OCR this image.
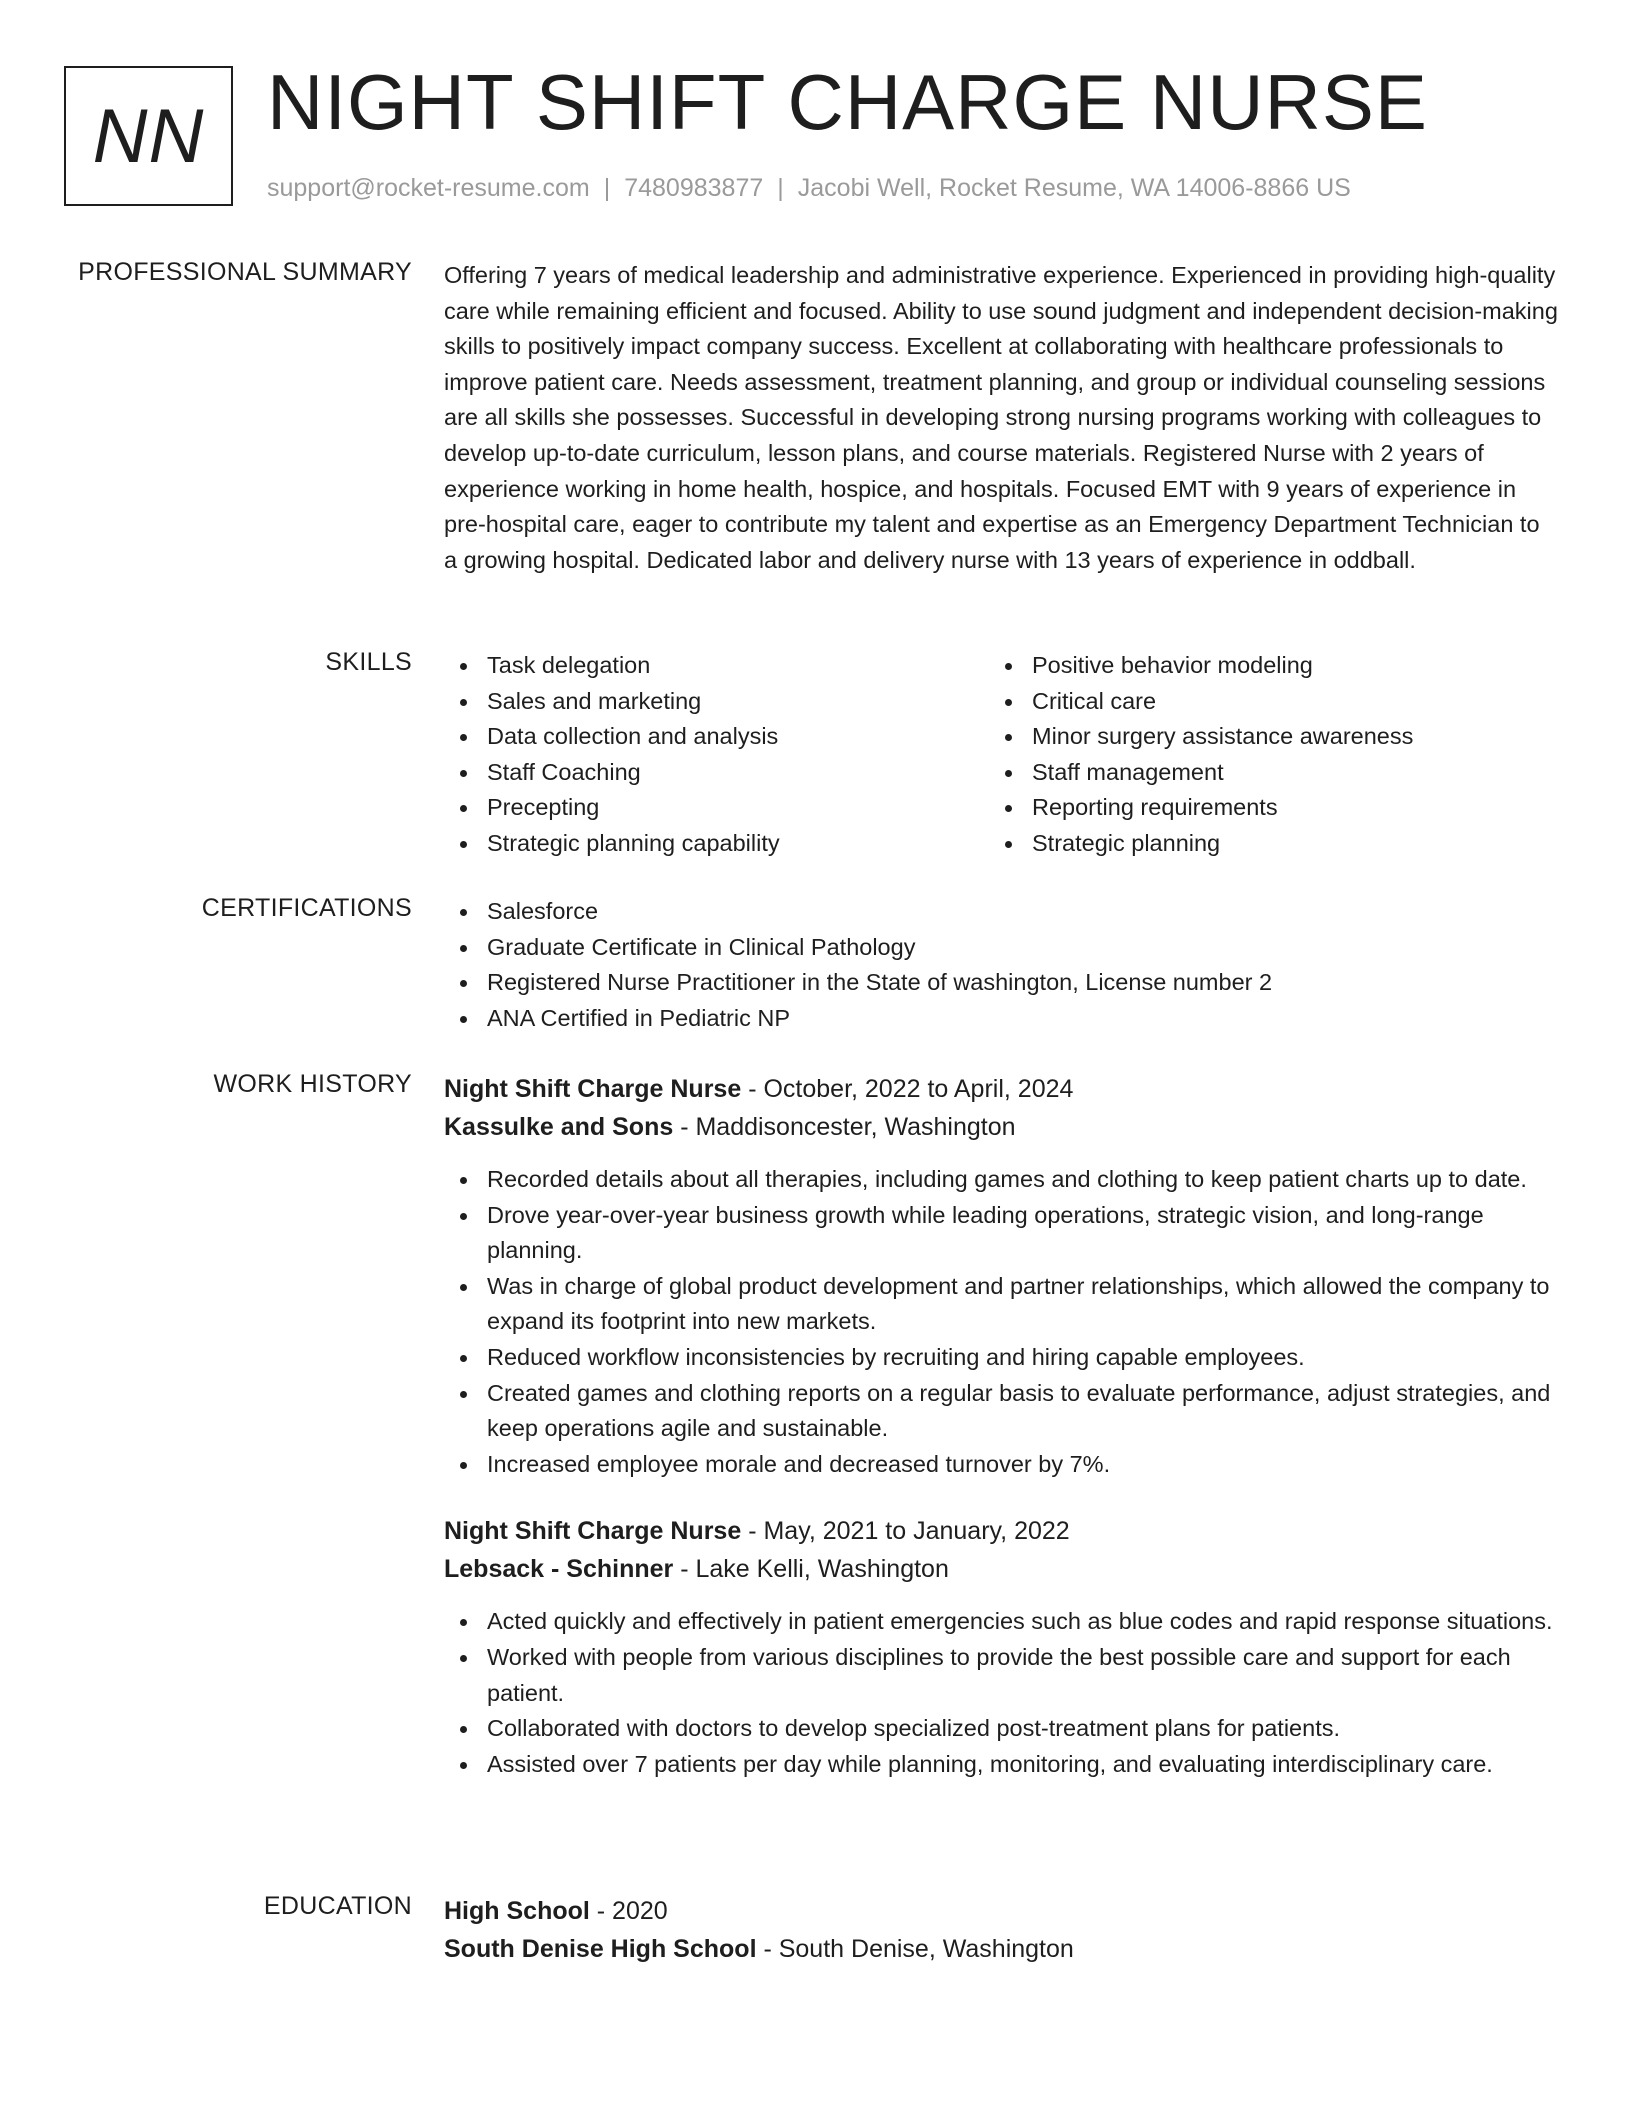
NN NIGHT SHIFT CHARGE NURSE
support@rocket-resume.com | 7480983877 | Jacobi Well, Rocket Resume, WA 14006-8866 US
PROFESSIONAL SUMMARY Offering 7 years of medical leadership and administrative experience. Experienced in providing high-quality care while remaining efficient and focused. Ability to use sound judgment and independent decision-making skills to positively impact company success. Excellent at collaborating with healthcare professionals to improve patient care. Needs assessment, treatment planning, and group or individual counseling sessions are all skills she possesses. Successful in developing strong nursing programs working with colleagues to develop up-to-date curriculum, lesson plans, and course materials. Registered Nurse with 2 years of experience working in home health, hospice, and hospitals. Focused EMT with 9 years of experience in pre-hospital care, eager to contribute my talent and expertise as an Emergency Department Technician to a growing hospital. Dedicated labor and delivery nurse with 13 years of experience in oddball.

SKILLS	Task delegation
Sales and marketing
Data collection and analysis
Staff Coaching
Precepting
Strategic planning capability
Positive behavior modeling
Critical care
Minor surgery assistance awareness
Staff management
Reporting requirements
Strategic planning
CERTIFICATIONS	Salesforce
Graduate Certificate in Clinical Pathology
Registered Nurse Practitioner in the State of washington, License number 2
ANA Certified in Pediatric NP
WORK HISTORY Night Shift Charge Nurse - October, 2022 to April, 2024
Kassulke and Sons - Maddisoncester, Washington
Recorded details about all therapies, including games and clothing to keep patient charts up to date.
Drove year-over-year business growth while leading operations, strategic vision, and long-range planning.
Was in charge of global product development and partner relationships, which allowed the company to expand its footprint into new markets.
Reduced workflow inconsistencies by recruiting and hiring capable employees.
Created games and clothing reports on a regular basis to evaluate performance, adjust strategies, and keep operations agile and sustainable.
Increased employee morale and decreased turnover by 7%.
Night Shift Charge Nurse - May, 2021 to January, 2022
Lebsack - Schinner - Lake Kelli, Washington
Acted quickly and effectively in patient emergencies such as blue codes and rapid response situations.
Worked with people from various disciplines to provide the best possible care and support for each patient.
Collaborated with doctors to develop specialized post-treatment plans for patients.
Assisted over 7 patients per day while planning, monitoring, and evaluating interdisciplinary care.
EDUCATION High School - 2020
South Denise High School - South Denise, Washington
